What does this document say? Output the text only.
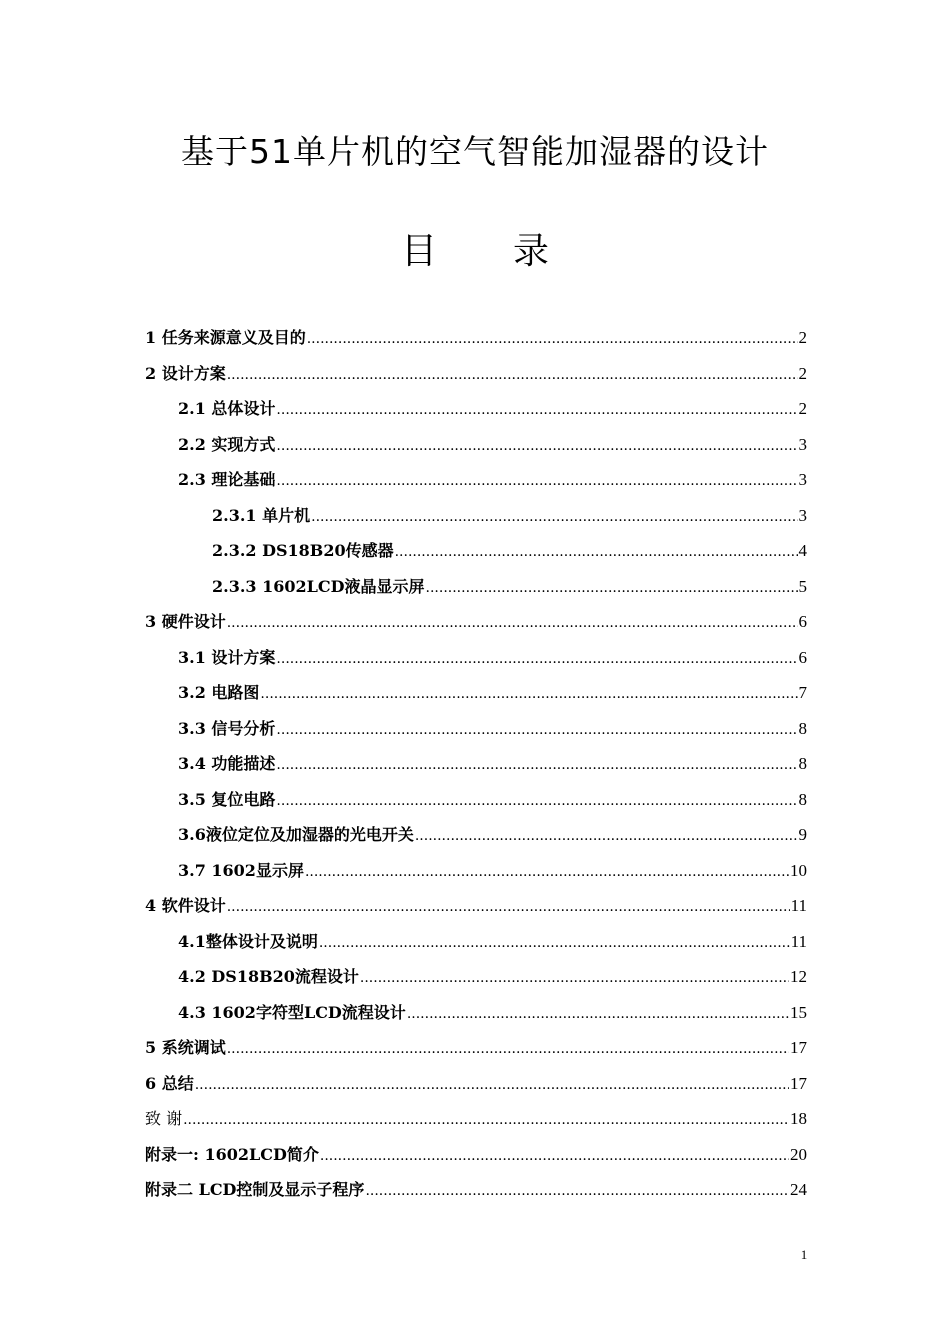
基于51单片机的空气智能加湿器的设计
目 录
1 任务来源意义及目的 .....	2
2 设计方案 .....	2
2.1 总体设计 .....	2
2.2 实现方式 .....	3
2.3 理论基础 .....	3
2.3.1 单片机 .....	3
2.3.2 DS18B20传感器 .....	4
2.3.3 1602LCD液晶显示屏 .....	5
3 硬件设计 .....	6
3.1 设计方案 .....	6
3.2 电路图 .....	7
3.3 信号分析 .....	8
3.4 功能描述 .....	8
3.5 复位电路 .....	8
3.6液位定位及加湿器的光电开关 .....	9
3.7 1602显示屏 .....	10
4 软件设计 .....	11
4.1整体设计及说明 .....	11
4.2 DS18B20流程设计 .....	12
4.3 1602字符型LCD流程设计 .....	15
5 系统调试 .....	17
6 总结 .....	17
致 谢 .....	18
附录一: 1602LCD简介 .....	20
附录二 LCD控制及显示子程序 .....	24
1
